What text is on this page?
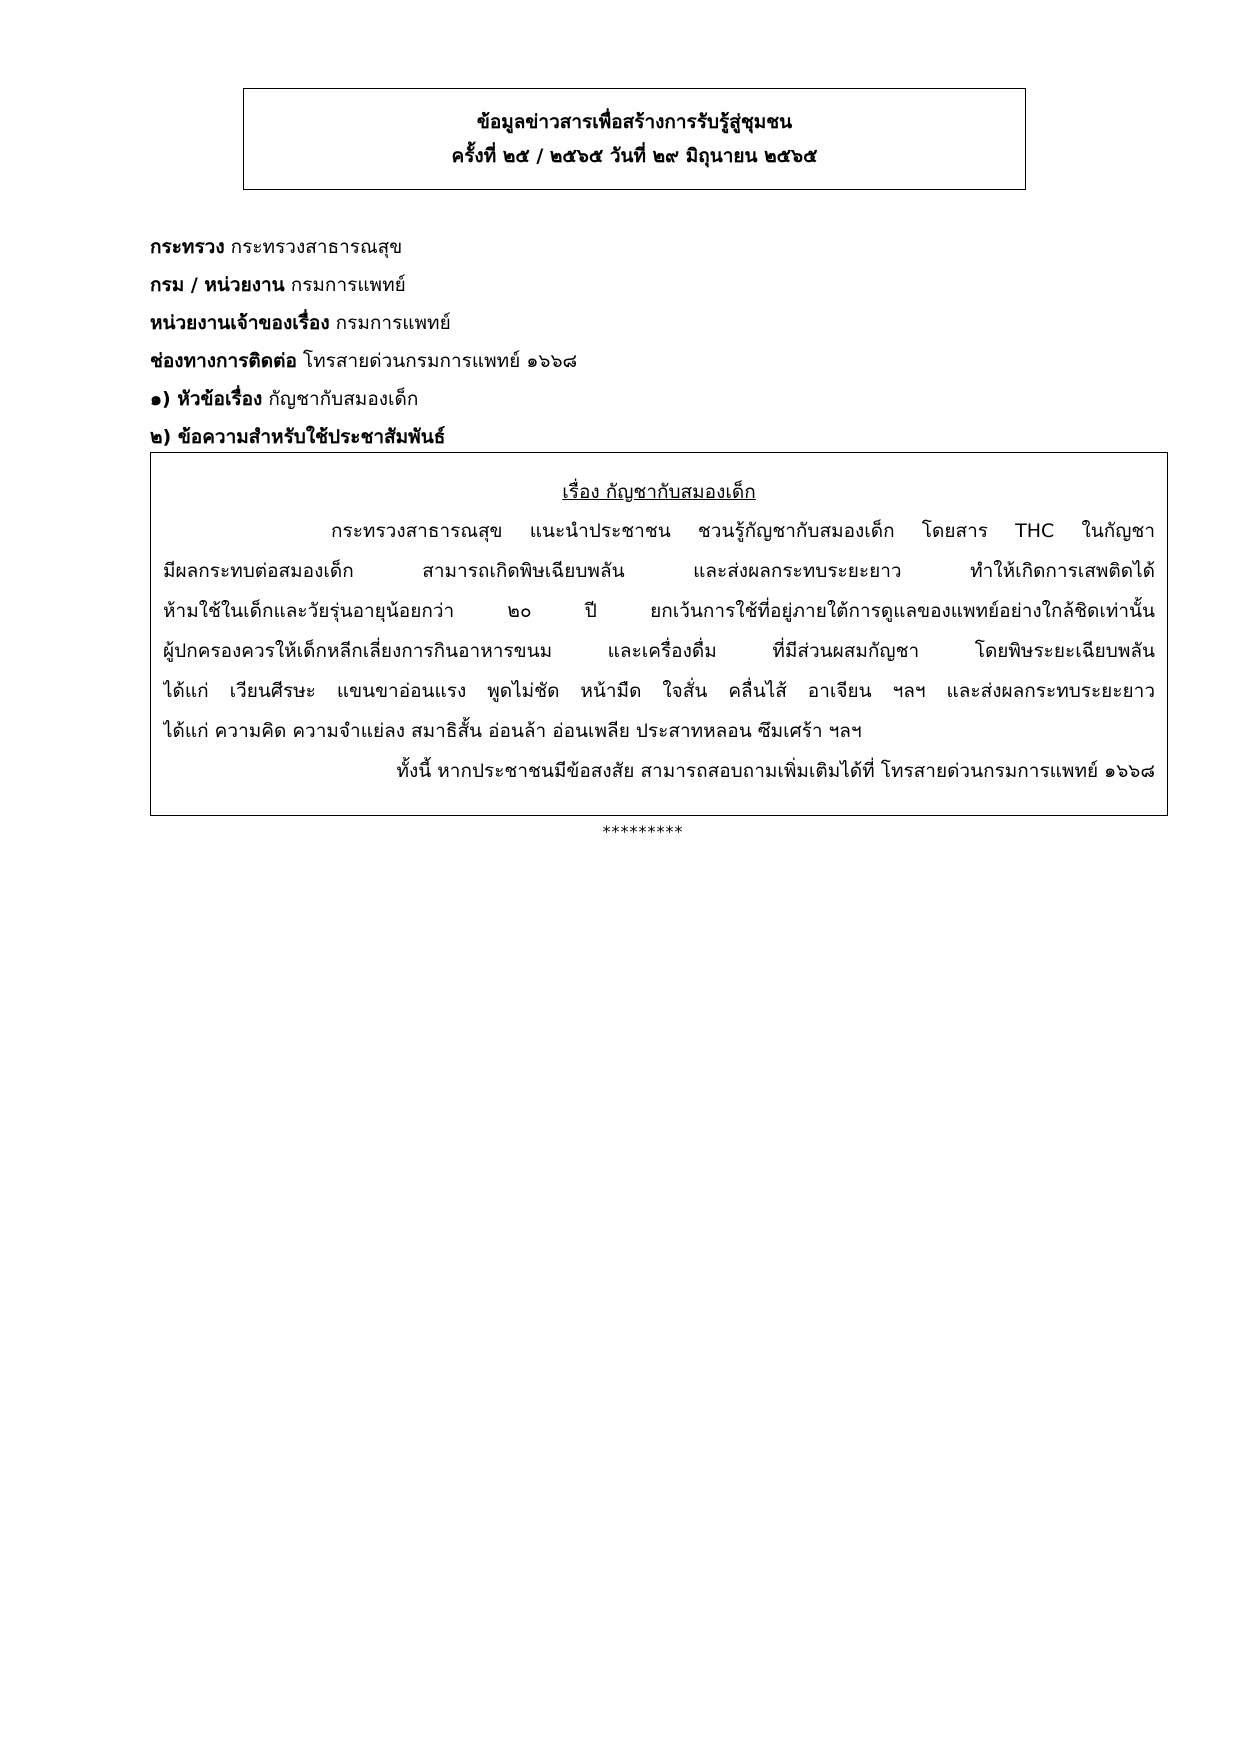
ข้อมูลข่าวสารเพื่อสร้างการรับรู้สู่ชุมชน
ครั้งที่ ๒๕ / ๒๕๖๕ วันที่ ๒๙ มิถุนายน ๒๕๖๕
กระทรวง กระทรวงสาธารณสุข
กรม / หน่วยงาน กรมการแพทย์
หน่วยงานเจ้าของเรื่อง กรมการแพทย์
ช่องทางการติดต่อ โทรสายด่วนกรมการแพทย์ ๑๖๖๘
๑) หัวข้อเรื่อง กัญชากับสมองเด็ก
๒) ข้อความสำหรับใช้ประชาสัมพันธ์
เรื่อง กัญชากับสมองเด็ก
กระทรวงสาธารณสุข แนะนำประชาชน ชวนรู้กัญชากับสมองเด็ก โดยสาร THC ในกัญชา
มีผลกระทบต่อสมองเด็ก สามารถเกิดพิษเฉียบพลัน และส่งผลกระทบระยะยาว ทำให้เกิดการเสพติดได้
ห้ามใช้ในเด็กและวัยรุ่นอายุน้อยกว่า ๒๐ ปี ยกเว้นการใช้ที่อยู่ภายใต้การดูแลของแพทย์อย่างใกล้ชิดเท่านั้น
ผู้ปกครองควรให้เด็กหลีกเลี่ยงการกินอาหารขนม และเครื่องดื่ม ที่มีส่วนผสมกัญชา โดยพิษระยะเฉียบพลัน
ได้แก่ เวียนศีรษะ แขนขาอ่อนแรง พูดไม่ชัด หน้ามืด ใจสั่น คลื่นไส้ อาเจียน ฯลฯ และส่งผลกระทบระยะยาว
ได้แก่ ความคิด ความจำแย่ลง สมาธิสั้น อ่อนล้า อ่อนเพลีย ประสาทหลอน ซึมเศร้า ฯลฯ
ทั้งนี้ หากประชาชนมีข้อสงสัย สามารถสอบถามเพิ่มเติมได้ที่ โทรสายด่วนกรมการแพทย์ ๑๖๖๘
*********
